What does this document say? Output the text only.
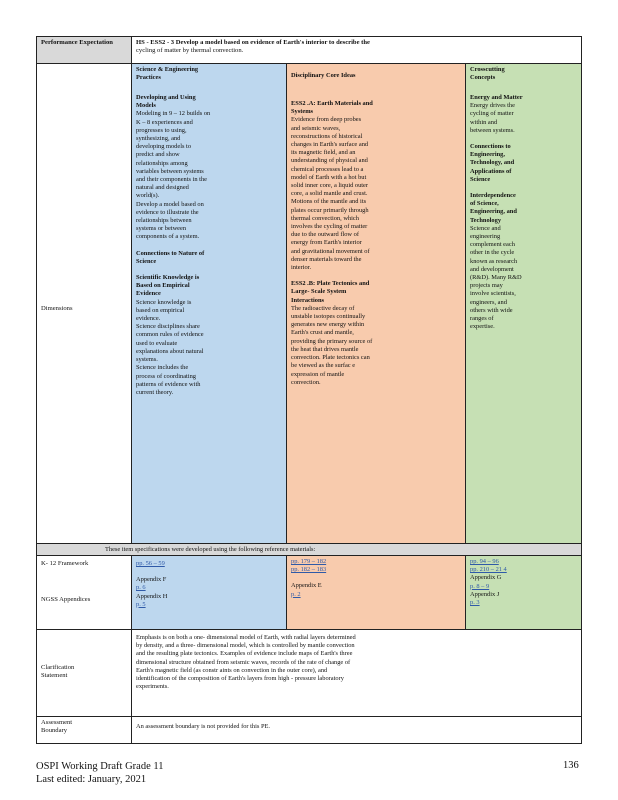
Performance Expectation	HS - ESS2 - 3 Develop a model based on evidence of Earth's interior to describe the
cycling of matter by thermal convection.
Dimensions
Science & Engineering Practices
Developing and Using
Models
Modeling in 9 – 12 builds on
K – 8 experiences and
progresses to using,
synthesizing, and
developing models to
predict and show
relationships among
variables between systems
and their components in the
natural and designed
world(s).
Develop a model based on
evidence to illustrate the
relationships between
systems or between
components of a system.
Connections to Nature of
Science
Scientific Knowledge is
Based on Empirical
Evidence
Science knowledge is
based on empirical
evidence.
Science disciplines share
common rules of evidence
used to evaluate
explanations about natural
systems.
Science includes the
process of coordinating
patterns of evidence with
current theory.
Disciplinary Core Ideas
ESS2 .A: Earth Materials and
Systems
Evidence from deep probes
and seismic waves,
reconstructions of historical
changes in Earth's surface and
its magnetic field, and an
understanding of physical and
chemical processes lead to a
model of Earth with a hot but
solid inner core, a liquid outer
core, a solid mantle and crust.
Motions of the mantle and its
plates occur primarily through
thermal convection, which
involves the cycling of matter
due to the outward flow of
energy from Earth's interior
and gravitational movement of
denser materials toward the
interior.
ESS2 .B: Plate Tectonics and
Large- Scale System
Interactions
The radioactive decay of
unstable isotopes continually
generates new energy within
Earth's crust and mantle,
providing the primary source of
the heat that drives mantle
convection. Plate tectonics can
be viewed as the surfac e
expression of mantle
convection.
Crosscutting Concepts
Energy and Matter
Energy drives the
cycling of matter
within and
between systems.
Connections to
Engineering,
Technology, and
Applications of
Science
Interdependence
of Science,
Engineering, and
Technology
Science and
engineering
complement each
other in the cycle
known as research
and development
(R&D). Many R&D
projects may
involve scientists,
engineers, and
others with wide
ranges of
expertise.
These item specifications were developed using the following reference materials:
K- 12 Framework
NGSS Appendices
pp. 56 – 59
Appendix F
p. 6
Appendix H
p. 5
pp. 179 – 182
pp. 182 – 183
Appendix E
p. 2
pp. 94 – 96
pp. 210 – 21 4
Appendix G
p. 8 – 9
Appendix J
p. 3
Clarification Statement
Emphasis is on both a one- dimensional model of Earth, with radial layers determined
by density, and a three- dimensional model, which is controlled by mantle convection
and the resulting plate tectonics. Examples of evidence include maps of Earth's three
dimensional structure obtained from seismic waves, records of the rate of change of
Earth's magnetic field (as constr aints on convection in the outer core), and
identification of the composition of Earth's layers from high - pressure laboratory
experiments.
Assessment Boundary
An assessment boundary is not provided for this PE.
OSPI Working Draft Grade 11
Last edited: January, 2021
136
